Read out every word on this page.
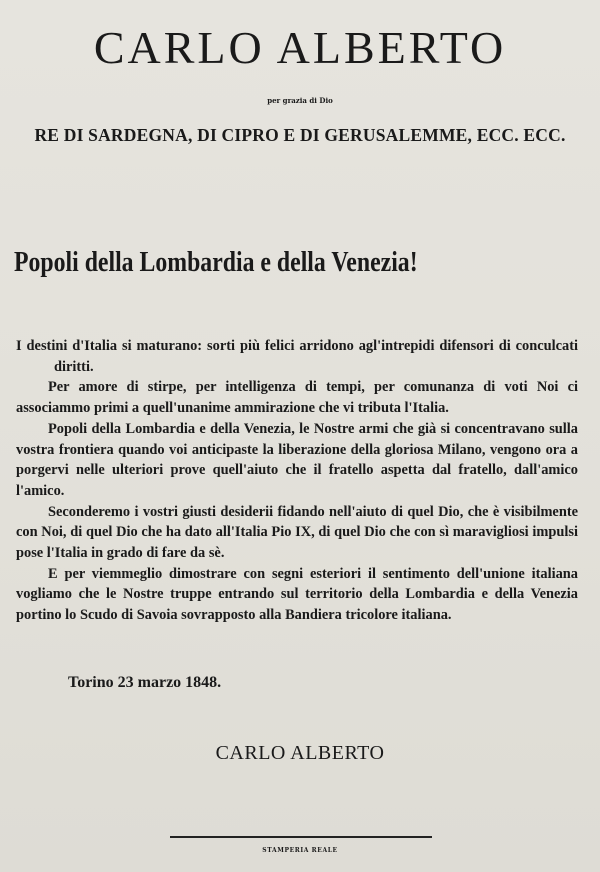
CARLO ALBERTO
per grazia di Dio
RE DI SARDEGNA, DI CIPRO E DI GERUSALEMME, ECC. ECC.
Popoli della Lombardia e della Venezia!

I destini d'Italia si maturano: sorti più felici arridono agl'intrepidi difensori di conculcati diritti.

Per amore di stirpe, per intelligenza di tempi, per comunanza di voti Noi ci associammo primi a quell'unanime ammirazione che vi tributa l'Italia.

Popoli della Lombardia e della Venezia, le Nostre armi che già si concentravano sulla vostra frontiera quando voi anticipaste la liberazione della gloriosa Milano, vengono ora a porgervi nelle ulteriori prove quell'aiuto che il fratello aspetta dal fratello, dall'amico l'amico.

Seconderemo i vostri giusti desiderii fidando nell'aiuto di quel Dio, che è visibilmente con Noi, di quel Dio che ha dato all'Italia Pio IX, di quel Dio che con sì maravigliosi impulsi pose l'Italia in grado di fare da sè.

E per viemmeglio dimostrare con segni esteriori il sentimento dell'unione italiana vogliamo che le Nostre truppe entrando sul territorio della Lombardia e della Venezia portino lo Scudo di Savoia sovrapposto alla Bandiera tricolore italiana.

Torino 23 marzo 1848.
CARLO ALBERTO
STAMPERIA REALE
